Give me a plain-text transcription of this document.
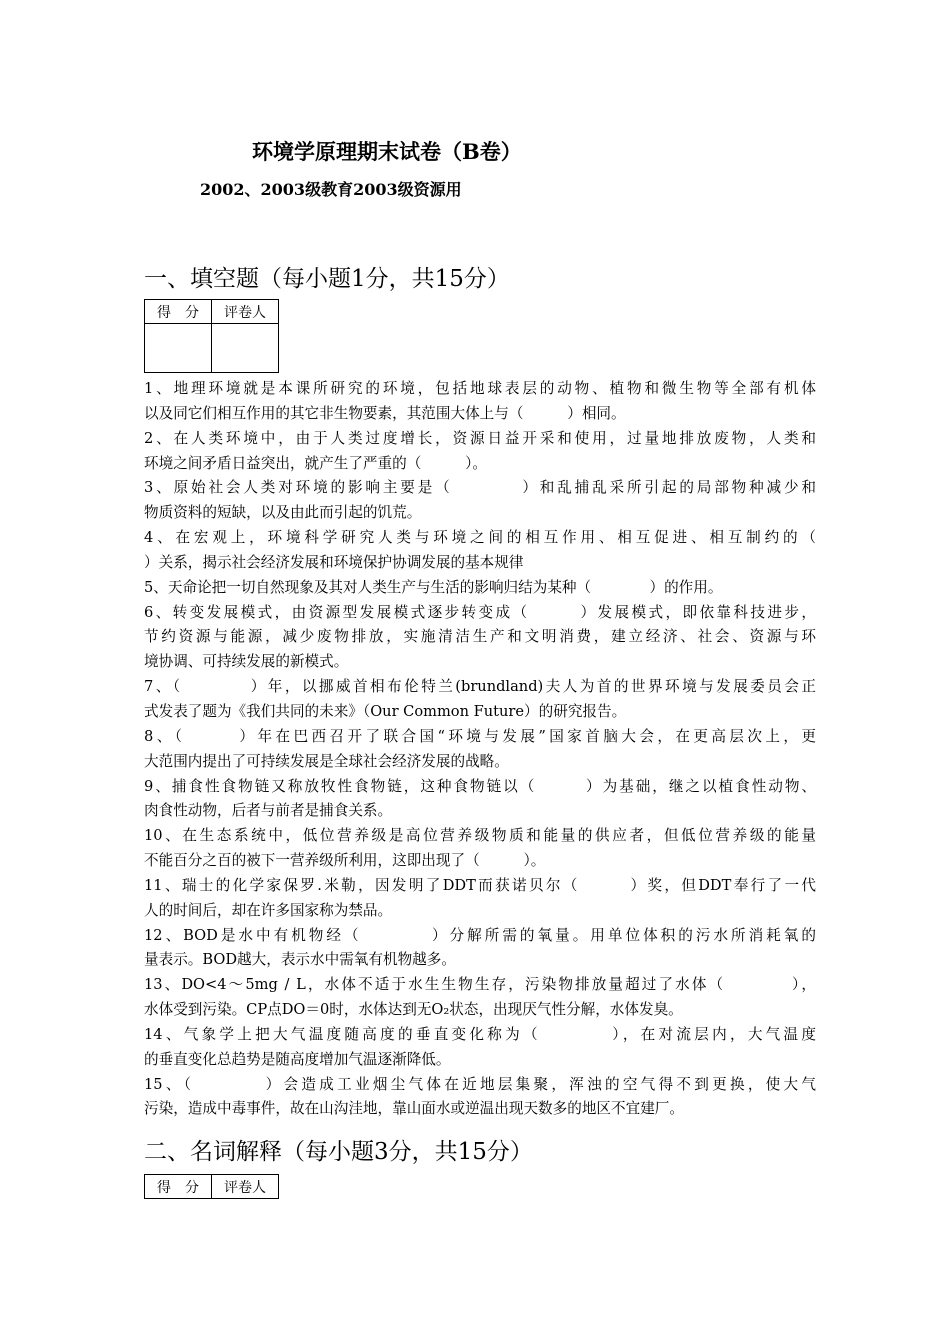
环境学原理期末试卷（B卷）
2002、2003级教育2003级资源用
一、填空题（每小题1分，共15分）
得　分	评卷人

1、地理环境就是本课所研究的环境，包括地球表层的动物、植物和微生物等全部有机体
以及同它们相互作用的其它非生物要素，其范围大体上与（　　　）相同。
2、在人类环境中，由于人类过度增长，资源日益开采和使用，过量地排放废物，人类和
环境之间矛盾日益突出，就产生了严重的（　　　）。
3、原始社会人类对环境的影响主要是（　　　　）和乱捕乱采所引起的局部物种减少和
物质资料的短缺，以及由此而引起的饥荒。
4、在宏观上，环境科学研究人类与环境之间的相互作用、相互促进、相互制约的（
）关系，揭示社会经济发展和环境保护协调发展的基本规律
5、天命论把一切自然现象及其对人类生产与生活的影响归结为某种（　　　　）的作用。
6、转变发展模式，由资源型发展模式逐步转变成（　　　）发展模式，即依靠科技进步，
节约资源与能源，减少废物排放，实施清洁生产和文明消费，建立经济、社会、资源与环
境协调、可持续发展的新模式。
7、（　　　　）年，以挪威首相布伦特兰(brundland)夫人为首的世界环境与发展委员会正
式发表了题为《我们共同的未来》（Our Common Future）的研究报告。
8、（　　　）年在巴西召开了联合国“环境与发展”国家首脑大会，在更高层次上，更
大范围内提出了可持续发展是全球社会经济发展的战略。
9、捕食性食物链又称放牧性食物链，这种食物链以（　　　）为基础，继之以植食性动物、
肉食性动物，后者与前者是捕食关系。
10、在生态系统中，低位营养级是高位营养级物质和能量的供应者，但低位营养级的能量
不能百分之百的被下一营养级所利用，这即出现了（　　　）。
11、瑞士的化学家保罗.米勒，因发明了DDT而获诺贝尔（　　　）奖，但DDT奉行了一代
人的时间后，却在许多国家称为禁品。
12、BOD是水中有机物经（　　　　）分解所需的氧量。用单位体积的污水所消耗氧的
量表示。BOD越大，表示水中需氧有机物越多。
13、DO<4～5mg / L，水体不适于水生生物生存，污染物排放量超过了水体（　　　　），
水体受到污染。CP点DO＝0时，水体达到无O₂状态，出现厌气性分解，水体发臭。
14、气象学上把大气温度随高度的垂直变化称为（　　　　），在对流层内，大气温度
的垂直变化总趋势是随高度增加气温逐渐降低。
15、（　　　　）会造成工业烟尘气体在近地层集聚，浑浊的空气得不到更换，使大气
污染，造成中毒事件，故在山沟洼地，靠山面水或逆温出现天数多的地区不宜建厂。
二、名词解释（每小题3分，共15分）
得　分	评卷人
